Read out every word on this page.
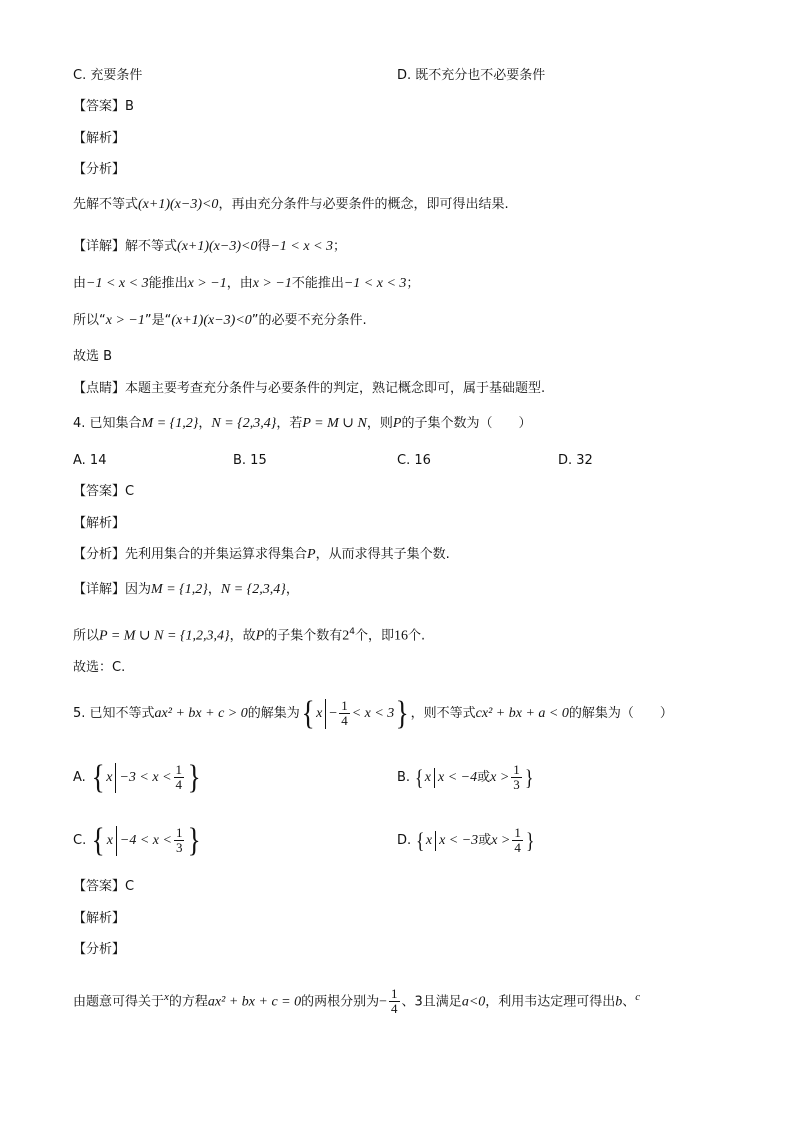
C. 充要条件	D. 既不充分也不必要条件
【答案】B
【解析】
【分析】
先解不等式(x+1)(x−3)<0，再由充分条件与必要条件的概念，即可得出结果.
【详解】解不等式(x+1)(x−3)<0得−1 < x < 3；
由−1 < x < 3能推出x > −1，由x > −1不能推出−1 < x < 3；
所以“x > −1”是“(x+1)(x−3)<0”的必要不充分条件.
故选 B
【点睛】本题主要考查充分条件与必要条件的判定，熟记概念即可，属于基础题型.
4. 已知集合M = {1,2}，N = {2,3,4}，若P = M ∪ N，则P的子集个数为（　　）
A. 14	B. 15	C. 16	D. 32
【答案】C
【解析】
【分析】先利用集合的并集运算求得集合P，从而求得其子集个数.
【详解】因为M = {1,2}，N = {2,3,4}，
所以P = M ∪ N = {1,2,3,4}，故P的子集个数有$2^4$个，即16个.
故选：C.
5. 已知不等式ax² + bx + c > 0的解集为{ $x - \frac{1}{4} < x < 3$} ，则不等式cx² + bx + a < 0的解集为（　　）
A. { $x -3 < x < \frac{1}{4}$ }	B. {x x < −4或$x > \frac{1}{3}$ }
C. { $x -4 < x < \frac{1}{3}$ }	D. {x x < −3或$x > \frac{1}{4}$ }
【答案】C
【解析】
【分析】
由题意可得关于$^x$的方程ax² + bx + c = 0的两根分别为− $\frac{1}{4}$ 、3且满足a<0，利用韦达定理可得出b、$^c$
